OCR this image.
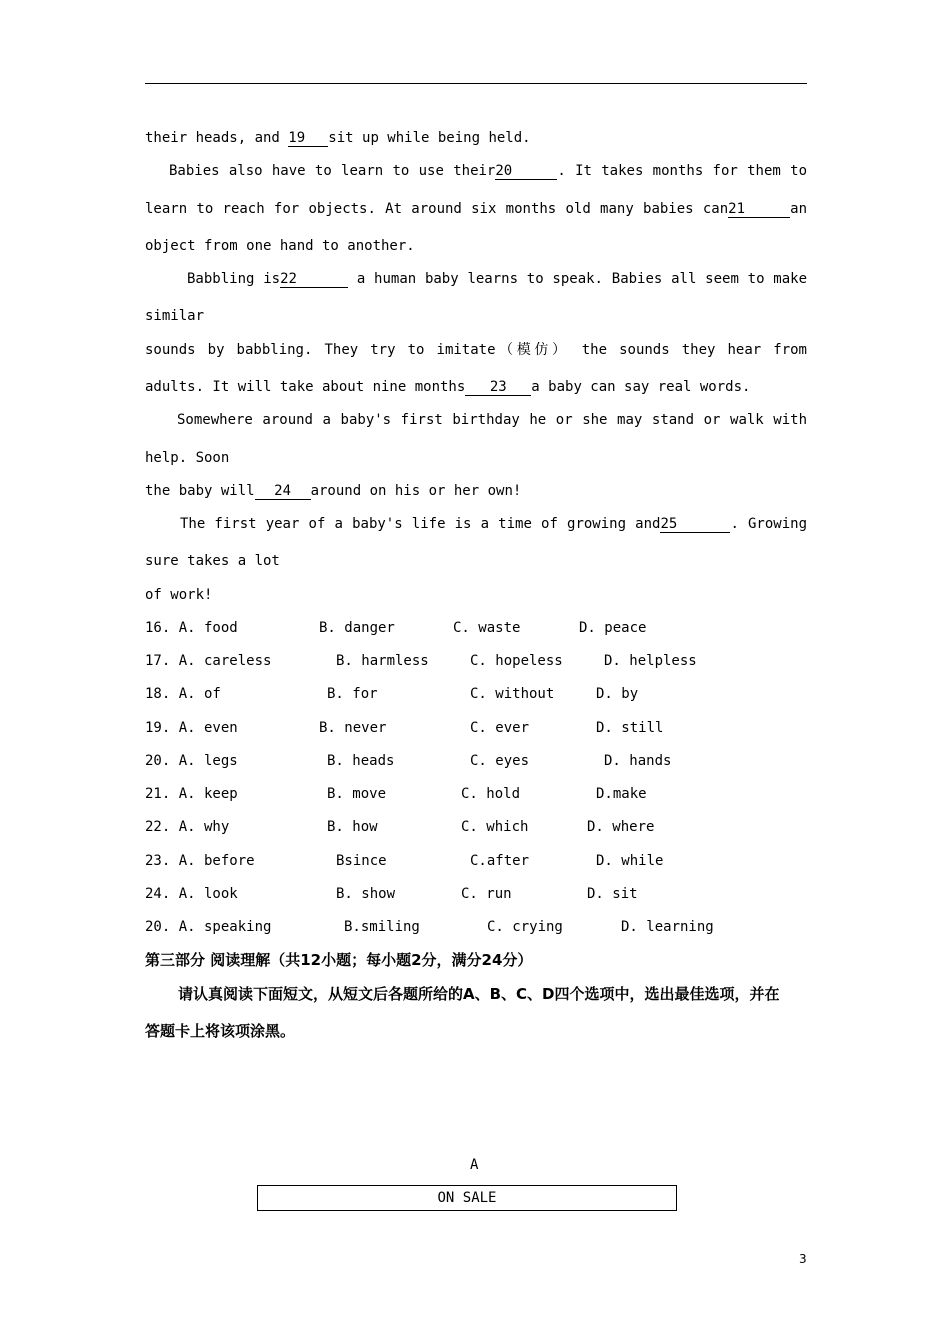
their heads, and 19 sit up while being held.
Babies also have to learn to use their20	. It takes months for them to
learn to reach for objects. At around six months old many babies can21	an
object from one hand to another.
Babbling is22	a human baby learns to speak. Babies all seem to make
similar
sounds by babbling. They try to imitate（模仿） the sounds they hear from
adults. It will take about nine months 23 a baby can say real words.
Somewhere around a baby's first birthday he or she may stand or walk with
help. Soon
the baby will 24 around on his or her own!
The first year of a baby's life is a time of growing and25	. Growing
sure takes a lot
of work!
16. A. food	B. danger	C. waste	D. peace
17. A. careless	B. harmless	C. hopeless	D. helpless
18. A. of	B. for	C. without	D. by
19. A. even	B. never	C. ever	D. still
20. A. legs	B. heads	C. eyes	D. hands
21. A. keep	B. move	C. hold	D.make
22. A. why	B. how	C. which	D. where
23. A. before	Bsince	C.after	D. while
24. A. look	B. show	C. run	D. sit
20. A. speaking	B.smiling	C. crying	D. learning
第三部分 阅读理解（共12小题；每小题2分，满分24分）
请认真阅读下面短文，从短文后各题所给的A、B、C、D四个选项中，选出最佳选项，并在
答题卡上将该项涂黑。
A
ON SALE
3
